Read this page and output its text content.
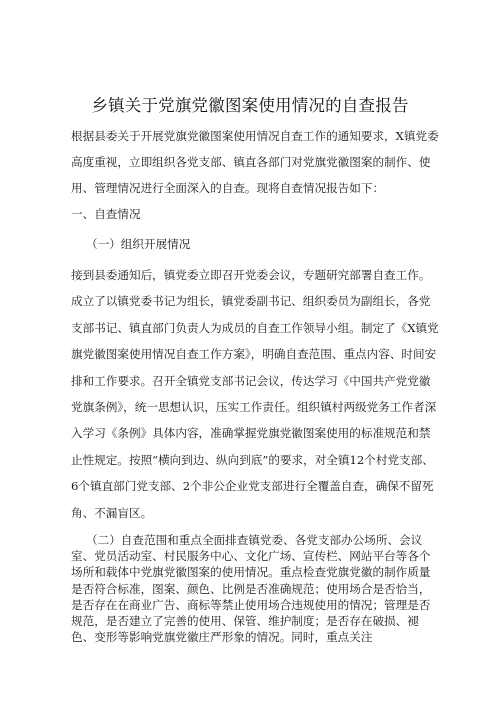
乡镇关于党旗党徽图案使用情况的自查报告

根据县委关于开展党旗党徽图案使用情况自查工作的通知要求，X镇党委高度重视，立即组织各党支部、镇直各部门对党旗党徽图案的制作、使用、管理情况进行全面深入的自查。现将自查情况报告如下：

一、自查情况
（一）组织开展情况

接到县委通知后，镇党委立即召开党委会议，专题研究部署自查工作。成立了以镇党委书记为组长，镇党委副书记、组织委员为副组长，各党支部书记、镇直部门负责人为成员的自查工作领导小组。制定了《X镇党旗党徽图案使用情况自查工作方案》，明确自查范围、重点内容、时间安排和工作要求。召开全镇党支部书记会议，传达学习《中国共产党党徽党旗条例》，统一思想认识，压实工作责任。组织镇村两级党务工作者深入学习《条例》具体内容，准确掌握党旗党徽图案使用的标准规范和禁止性规定。按照“横向到边、纵向到底”的要求，对全镇12个村党支部、6个镇直部门党支部、2个非公企业党支部进行全覆盖自查，确保不留死角、不漏盲区。

（二）自查范围和重点全面排查镇党委、各党支部办公场所、会议室、党员活动室、村民服务中心、文化广场、宣传栏、网站平台等各个场所和载体中党旗党徽图案的使用情况。重点检查党旗党徽的制作质量是否符合标准，图案、颜色、比例是否准确规范；使用场合是否恰当，是否存在在商业广告、商标等禁止使用场合违规使用的情况；管理是否规范，是否建立了完善的使用、保管、维护制度；是否存在破损、褪色、变形等影响党旗党徽庄严形象的情况。同时，重点关注
